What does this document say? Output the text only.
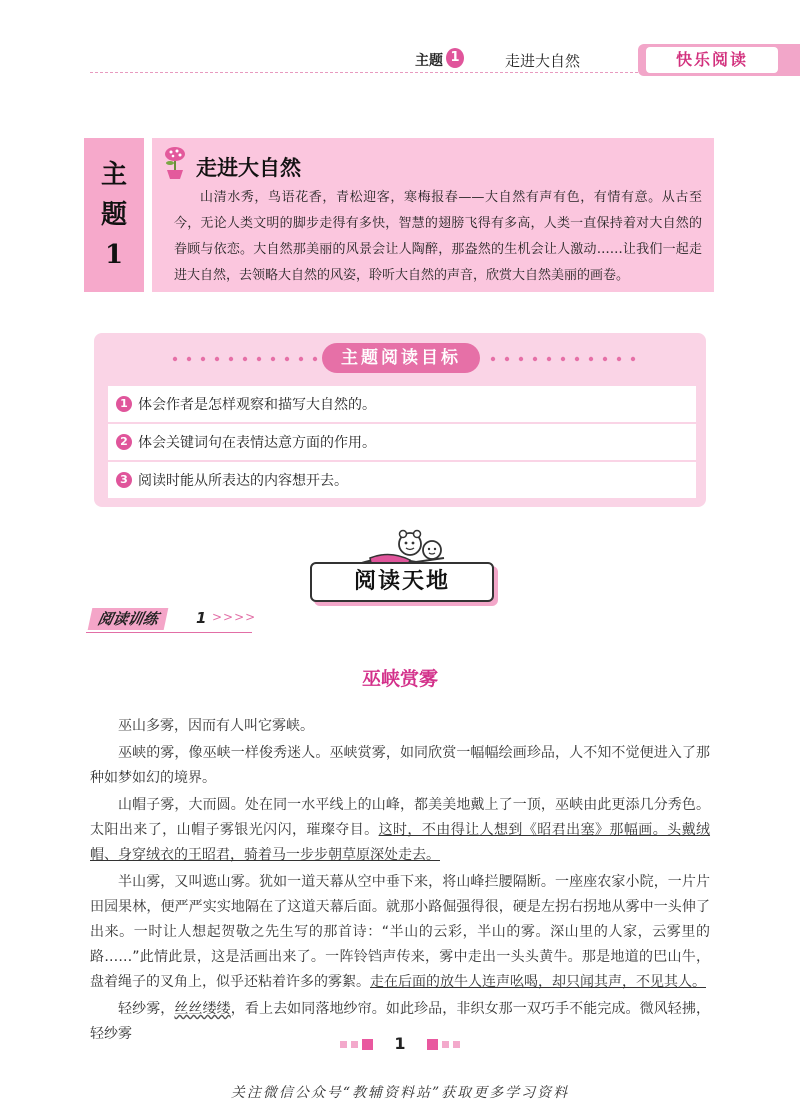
主题 1	走进大自然	快乐阅读
主
题
1
走进大自然
山清水秀，鸟语花香，青松迎客，寒梅报春——大自然有声有色，有情有意。从古至今，无论人类文明的脚步走得有多快，智慧的翅膀飞得有多高，人类一直保持着对大自然的眷顾与依恋。大自然那美丽的风景会让人陶醉，那盎然的生机会让人激动……让我们一起走进大自然，去领略大自然的风姿，聆听大自然的声音，欣赏大自然美丽的画卷。
主题阅读目标
1 体会作者是怎样观察和描写大自然的。
2 体会关键词句在表情达意方面的作用。
3 阅读时能从所表达的内容想开去。
阅读天地
阅读训练	1 >>>>
巫峡赏雾

巫山多雾，因而有人叫它雾峡。

巫峡的雾，像巫峡一样俊秀迷人。巫峡赏雾，如同欣赏一幅幅绘画珍品，人不知不觉便进入了那种如梦如幻的境界。

山帽子雾，大而圆。处在同一水平线上的山峰，都美美地戴上了一顶，巫峡由此更添几分秀色。太阳出来了，山帽子雾银光闪闪，璀璨夺目。这时，不由得让人想到《昭君出塞》那幅画。头戴绒帽、身穿绒衣的王昭君，骑着马一步步朝草原深处走去。

半山雾，又叫遮山雾。犹如一道天幕从空中垂下来，将山峰拦腰隔断。一座座农家小院，一片片田园果林，便严严实实地隔在了这道天幕后面。就那小路倔强得很，硬是左拐右拐地从雾中一头伸了出来。一时让人想起贺敬之先生写的那首诗：“半山的云彩，半山的雾。深山里的人家，云雾里的路……”此情此景，这是活画出来了。一阵铃铛声传来，雾中走出一头头黄牛。那是地道的巴山牛，盘着绳子的叉角上，似乎还粘着许多的雾絮。走在后面的放牛人连声吆喝，却只闻其声，不见其人。

轻纱雾，丝丝缕缕，看上去如同落地纱帘。如此珍品，非织女那一双巧手不能完成。微风轻拂，轻纱雾	1
关注微信公众号“教辅资料站”获取更多学习资料
